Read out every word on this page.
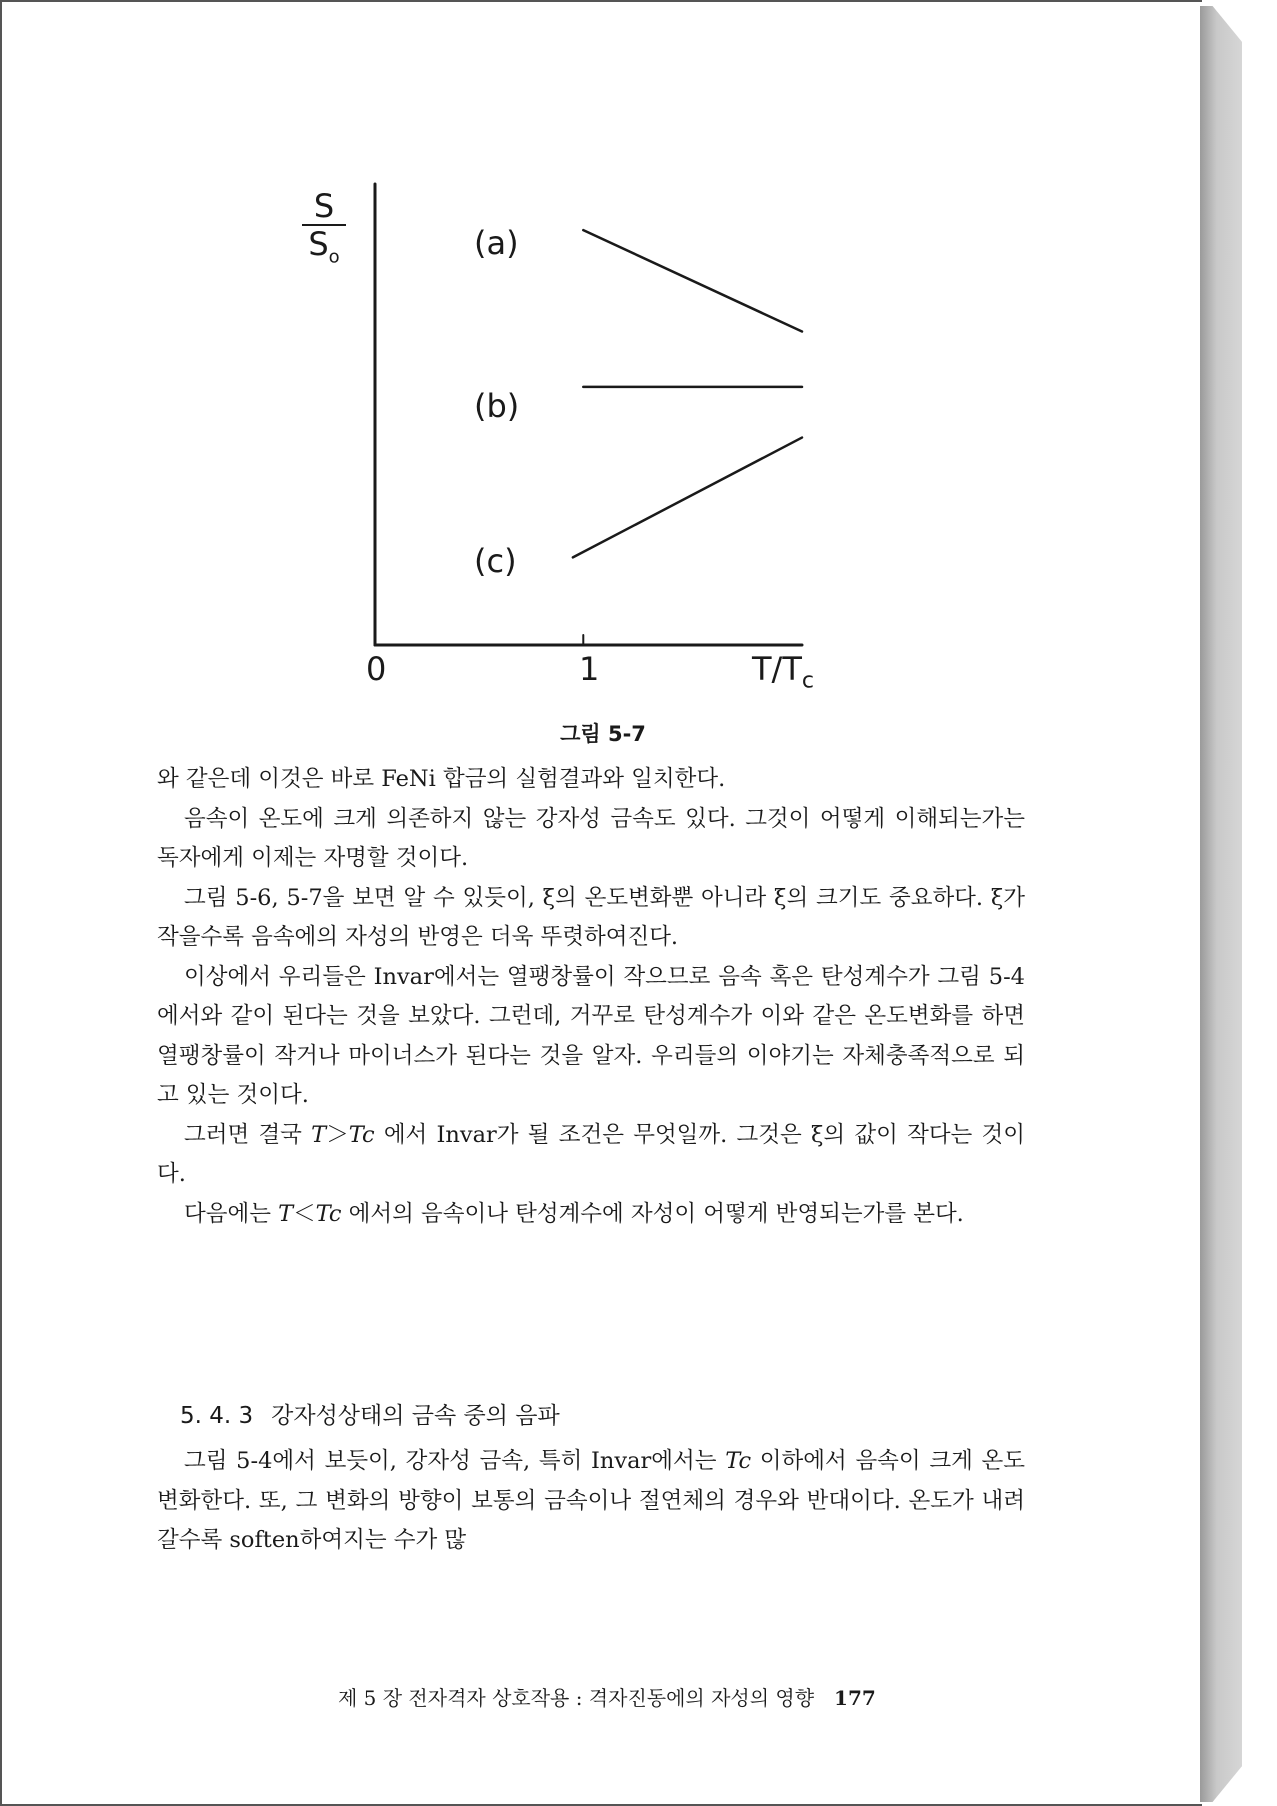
$\frac{S}{S_o}$	(a)
(b)
(c)
0	1	$T/T_c$
그림 5-7

와 같은데 이것은 바로 FeNi 합금의 실험결과와 일치한다.

음속이 온도에 크게 의존하지 않는 강자성 금속도 있다. 그것이 어떻게 이해되는가는 독자에게 이제는 자명할 것이다.

그림 5-6, 5-7을 보면 알 수 있듯이, ξ의 온도변화뿐 아니라 ξ의 크기도 중요하다. ξ가 작을수록 음속에의 자성의 반영은 더욱 뚜렷하여진다.

이상에서 우리들은 Invar에서는 열팽창률이 작으므로 음속 혹은 탄성계수가 그림 5-4에서와 같이 된다는 것을 보았다. 그런데, 거꾸로 탄성계수가 이와 같은 온도변화를 하면 열팽창률이 작거나 마이너스가 된다는 것을 알자. 우리들의 이야기는 자체충족적으로 되고 있는 것이다.

그러면 결국 T＞Tc 에서 Invar가 될 조건은 무엇일까. 그것은 ξ의 값이 작다는 것이다.

다음에는 T＜Tc 에서의 음속이나 탄성계수에 자성이 어떻게 반영되는가를 본다.

5. 4. 3 강자성상태의 금속 중의 음파

그림 5-4에서 보듯이, 강자성 금속, 특히 Invar에서는 Tc 이하에서 음속이 크게 온도변화한다. 또, 그 변화의 방향이 보통의 금속이나 절연체의 경우와 반대이다. 온도가 내려갈수록 soften하여지는 수가 많

제 5 장 전자격자 상호작용 : 격자진동에의 자성의 영향 177
